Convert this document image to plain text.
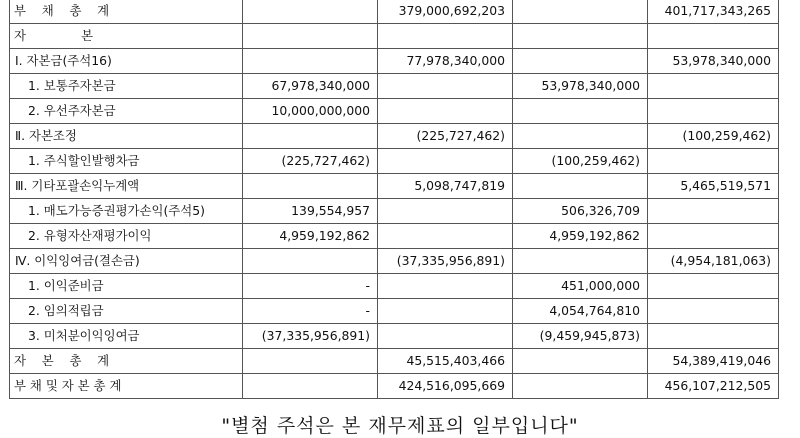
부    채    총    계		379,000,692,203		401,717,343,265
자              본				
Ⅰ. 자본금(주석16)		77,978,340,000		53,978,340,000
1. 보통주자본금	67,978,340,000		53,978,340,000	
2. 우선주자본금	10,000,000,000			
Ⅱ. 자본조정		(225,727,462)		(100,259,462)
1. 주식할인발행차금	(225,727,462)		(100,259,462)	
Ⅲ. 기타포괄손익누계액		5,098,747,819		5,465,519,571
1. 매도가능증권평가손익(주석5)	139,554,957		506,326,709	
2. 유형자산재평가이익	4,959,192,862		4,959,192,862	
Ⅳ. 이익잉여금(결손금)		(37,335,956,891)		(4,954,181,063)
1. 이익준비금	-		451,000,000	
2. 임의적립금	-		4,054,764,810	
3. 미처분이익잉여금	(37,335,956,891)		(9,459,945,873)	
자    본    총    계		45,515,403,466		54,389,419,046
부 채 및 자 본 총 계		424,516,095,669		456,107,212,505
"별첨 주석은 본 재무제표의 일부입니다"
